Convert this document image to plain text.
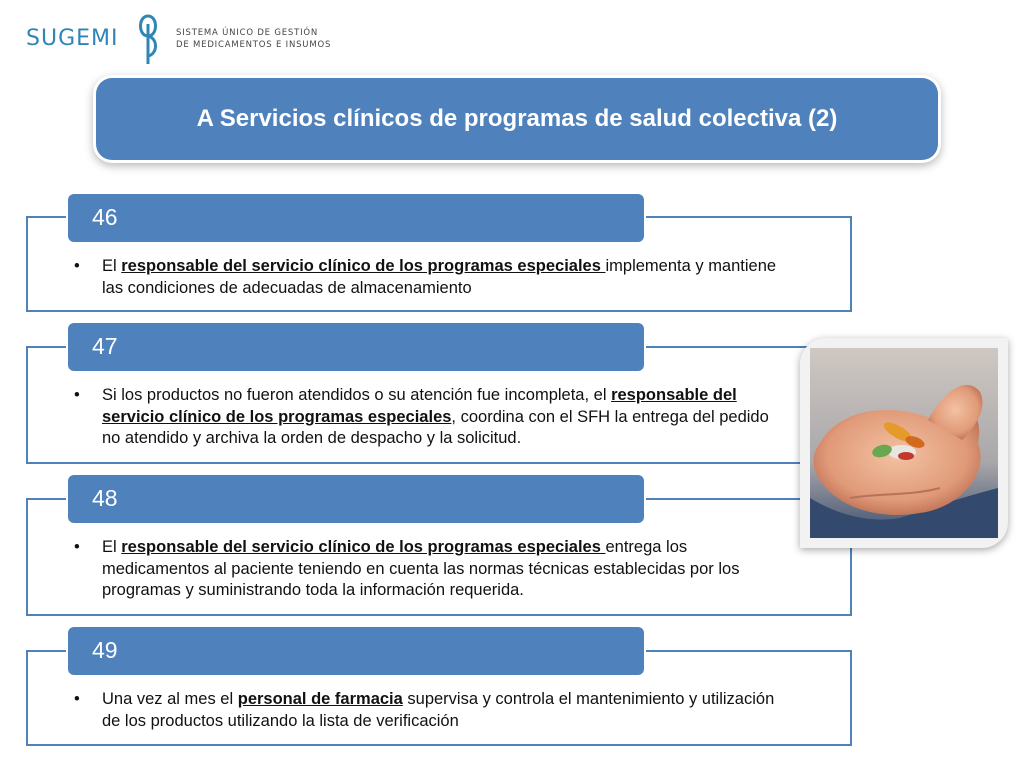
SUGEMI	SISTEMA ÚNICO DE GESTIÓN
DE MEDICAMENTOS E INSUMOS
A Servicios clínicos de programas de salud colectiva (2)
46

• El responsable del servicio clínico de los programas especiales implementa y mantiene las condiciones de adecuadas de almacenamiento

47

• Si los productos no fueron atendidos o su atención fue incompleta, el responsable del servicio clínico de los programas especiales, coordina con el SFH la entrega del pedido no atendido y archiva la orden de despacho y la solicitud.

48

• El responsable del servicio clínico de los programas especiales entrega los medicamentos al paciente teniendo en cuenta las normas técnicas establecidas por los programas y suministrando toda la información requerida.

49

• Una vez al mes el personal de farmacia supervisa y controla el mantenimiento y utilización de los productos utilizando la lista de verificación
